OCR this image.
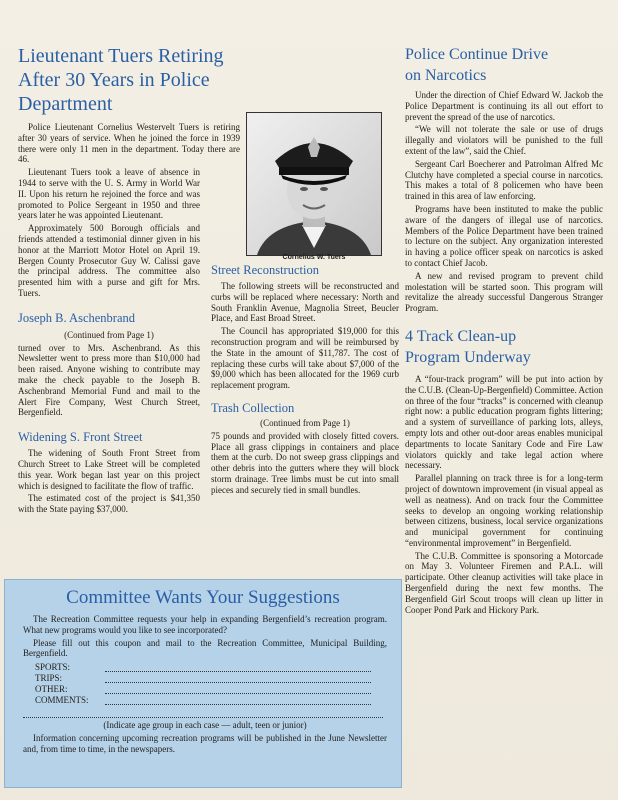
Lieutenant Tuers Retiring After 30 Years in Police Department
Cornelius W. Tuers

Police Lieutenant Cornelius Westervelt Tuers is retiring after 30 years of service. When he joined the force in 1939 there were only 11 men in the department. Today there are 46.

Lieutenant Tuers took a leave of absence in 1944 to serve with the U. S. Army in World War II. Upon his return he rejoined the force and was promoted to Police Sergeant in 1950 and three years later he was appointed Lieutenant.

Approximately 500 Borough officials and friends attended a testimonial dinner given in his honor at the Marriott Motor Hotel on April 19. Bergen County Prosecutor Guy W. Calissi gave the principal address. The committee also presented him with a purse and gift for Mrs. Tuers.

Joseph B. Aschenbrand

(Continued from Page 1)

turned over to Mrs. Aschenbrand. As this Newsletter went to press more than $10,000 had been raised. Anyone wishing to contribute may make the check payable to the Joseph B. Aschenbrand Memorial Fund and mail to the Alert Fire Company, West Church Street, Bergenfield.

Widening S. Front Street

The widening of South Front Street from Church Street to Lake Street will be completed this year. Work began last year on this project which is designed to facilitate the flow of traffic.

The estimated cost of the project is $41,350 with the State paying $37,000.

Street Reconstruction

The following streets will be reconstructed and curbs will be replaced where necessary: North and South Franklin Avenue, Magnolia Street, Beucler Place, and East Broad Street.

The Council has appropriated $19,000 for this reconstruction program and will be reimbursed by the State in the amount of $11,787. The cost of replacing these curbs will take about $7,000 of the $9,000 which has been allocated for the 1969 curb replacement program.

Trash Collection

(Continued from Page 1)

75 pounds and provided with closely fitted covers. Place all grass clippings in containers and place them at the curb. Do not sweep grass clippings and other debris into the gutters where they will block storm drainage. Tree limbs must be cut into small pieces and securely tied in small bundles.

Police Continue Drive on Narcotics

Under the direction of Chief Edward W. Jackob the Police Department is continuing its all out effort to prevent the spread of the use of narcotics.

“We will not tolerate the sale or use of drugs illegally and violators will be punished to the full extent of the law”, said the Chief.

Sergeant Carl Boecherer and Patrolman Alfred Mc Clutchy have completed a special course in narcotics. This makes a total of 8 policemen who have been trained in this area of law enforcing.

Programs have been instituted to make the public aware of the dangers of illegal use of narcotics. Members of the Police Department have been trained to lecture on the subject. Any organization interested in having a police officer speak on narcotics is asked to contact Chief Jacob.

A new and revised program to prevent child molestation will be started soon. This program will revitalize the already successful Dangerous Stranger Program.

4 Track Clean-up Program Underway

A “four-track program” will be put into action by the C.U.B. (Clean-Up-Bergenfield) Committee. Action on three of the four “tracks” is concerned with cleanup right now: a public education program fights littering; and a system of surveillance of parking lots, alleys, empty lots and other out-door areas enables municipal departments to locate Sanitary Code and Fire Law violators quickly and take legal action where necessary.

Parallel planning on track three is for a long-term project of downtown improvement (in visual appeal as well as neatness). And on track four the Committee seeks to develop an ongoing working relationship between citizens, business, local service organizations and municipal government for continuing “environmental improvement” in Bergenfield.

The C.U.B. Committee is sponsoring a Motorcade on May 3. Volunteer Firemen and P.A.L. will participate. Other cleanup activities will take place in Bergenfield during the next few months. The Bergenfield Girl Scout troops will clean up litter in Cooper Pond Park and Hickory Park.

Committee Wants Your Suggestions

The Recreation Committee requests your help in expanding Bergenfield’s recreation program. What new programs would you like to see incorporated?

Please fill out this coupon and mail to the Recreation Committee, Municipal Building, Bergenfield.

SPORTS:
TRIPS:
OTHER:
COMMENTS:

(Indicate age group in each case — adult, teen or junior)

Information concerning upcoming recreation programs will be published in the June Newsletter and, from time to time, in the newspapers.
